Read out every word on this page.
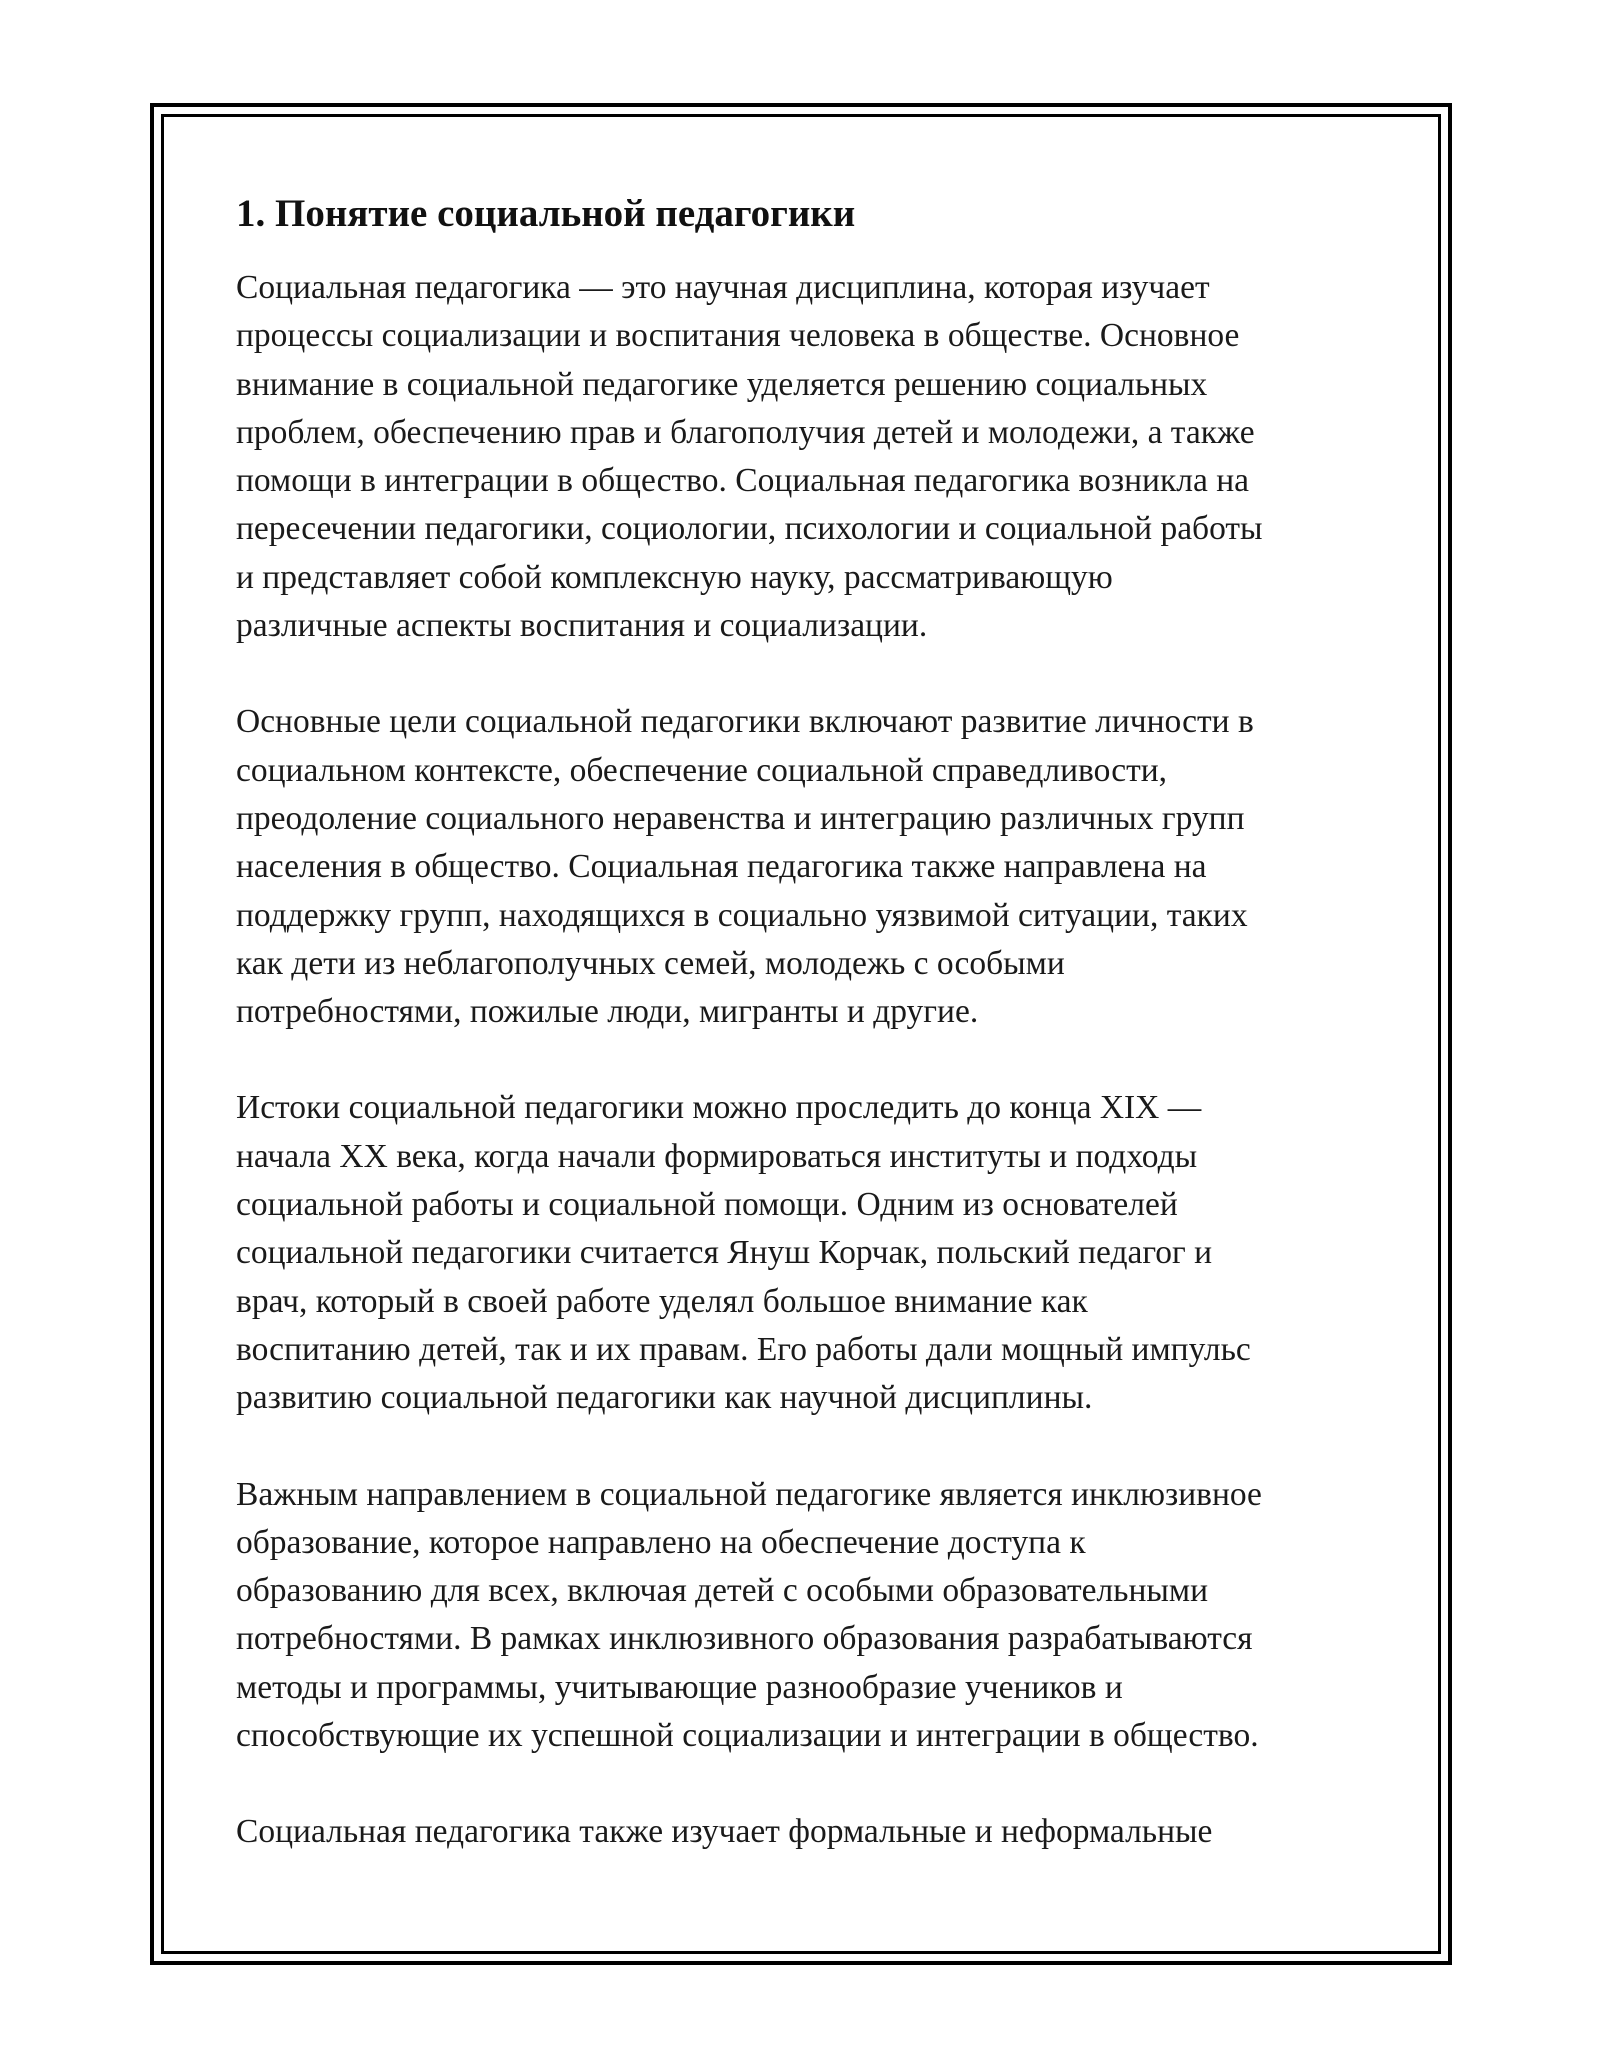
1. Понятие социальной педагогики

Социальная педагогика — это научная дисциплина, которая изучает
процессы социализации и воспитания человека в обществе. Основное
внимание в социальной педагогике уделяется решению социальных
проблем, обеспечению прав и благополучия детей и молодежи, а также
помощи в интеграции в общество. Социальная педагогика возникла на
пересечении педагогики, социологии, психологии и социальной работы
и представляет собой комплексную науку, рассматривающую
различные аспекты воспитания и социализации.

Основные цели социальной педагогики включают развитие личности в
социальном контексте, обеспечение социальной справедливости,
преодоление социального неравенства и интеграцию различных групп
населения в общество. Социальная педагогика также направлена на
поддержку групп, находящихся в социально уязвимой ситуации, таких
как дети из неблагополучных семей, молодежь с особыми
потребностями, пожилые люди, мигранты и другие.

Истоки социальной педагогики можно проследить до конца XIX —
начала XX века, когда начали формироваться институты и подходы
социальной работы и социальной помощи. Одним из основателей
социальной педагогики считается Януш Корчак, польский педагог и
врач, который в своей работе уделял большое внимание как
воспитанию детей, так и их правам. Его работы дали мощный импульс
развитию социальной педагогики как научной дисциплины.

Важным направлением в социальной педагогике является инклюзивное
образование, которое направлено на обеспечение доступа к
образованию для всех, включая детей с особыми образовательными
потребностями. В рамках инклюзивного образования разрабатываются
методы и программы, учитывающие разнообразие учеников и
способствующие их успешной социализации и интеграции в общество.

Социальная педагогика также изучает формальные и неформальные
